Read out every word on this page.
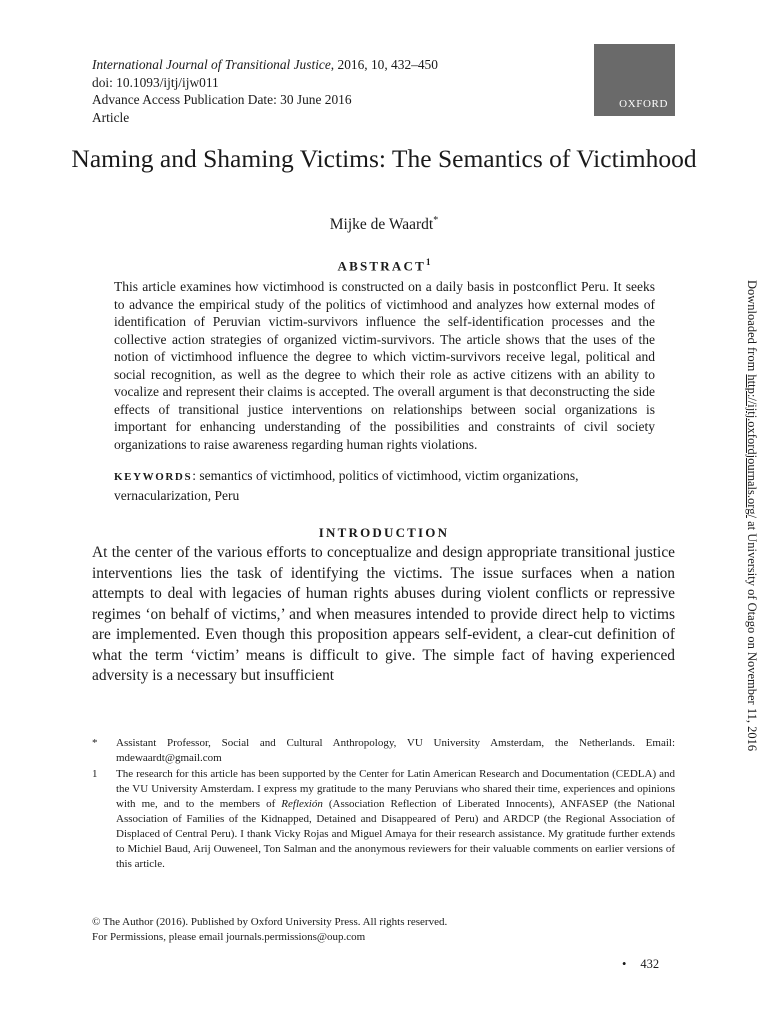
International Journal of Transitional Justice, 2016, 10, 432–450
doi: 10.1093/ijtj/ijw011
Advance Access Publication Date: 30 June 2016
Article
OXFORD
Naming and Shaming Victims: The Semantics of Victimhood
Mijke de Waardt*
ABSTRACT$^1$

This article examines how victimhood is constructed on a daily basis in postconflict Peru. It seeks to advance the empirical study of the politics of victimhood and analyzes how external modes of identification of Peruvian victim-survivors influence the self-identification processes and the collective action strategies of organized victim-survivors. The article shows that the uses of the notion of victimhood influence the degree to which victim-survivors receive legal, political and social recognition, as well as the degree to which their role as active citizens with an ability to vocalize and represent their claims is accepted. The overall argument is that deconstructing the side effects of transitional justice interventions on relationships between social organizations is important for enhancing understanding of the possibilities and constraints of civil society organizations to raise awareness regarding human rights violations.

KEYWORDS: semantics of victimhood, politics of victimhood, victim organizations, vernacularization, Peru

INTRODUCTION

At the center of the various efforts to conceptualize and design appropriate transitional justice interventions lies the task of identifying the victims. The issue surfaces when a nation attempts to deal with legacies of human rights abuses during violent conflicts or repressive regimes ‘on behalf of victims,’ and when measures intended to provide direct help to victims are implemented. Even though this proposition appears self-evident, a clear-cut definition of what the term ‘victim’ means is difficult to give. The simple fact of having experienced adversity is a necessary but insufficient

*	Assistant Professor, Social and Cultural Anthropology, VU University Amsterdam, the Netherlands. Email: mdewaardt@gmail.com
1	The research for this article has been supported by the Center for Latin American Research and Documentation (CEDLA) and the VU University Amsterdam. I express my gratitude to the many Peruvians who shared their time, experiences and opinions with me, and to the members of Reflexión (Association Reflection of Liberated Innocents), ANFASEP (the National Association of Families of the Kidnapped, Detained and Disappeared of Peru) and ARDCP (the Regional Association of Displaced of Central Peru). I thank Vicky Rojas and Miguel Amaya for their research assistance. My gratitude further extends to Michiel Baud, Arij Ouweneel, Ton Salman and the anonymous reviewers for their valuable comments on earlier versions of this article.
© The Author (2016). Published by Oxford University Press. All rights reserved.
For Permissions, please email journals.permissions@oup.com
• 432
Downloaded from http://ijtj.oxfordjournals.org/ at University of Otago on November 11, 2016
